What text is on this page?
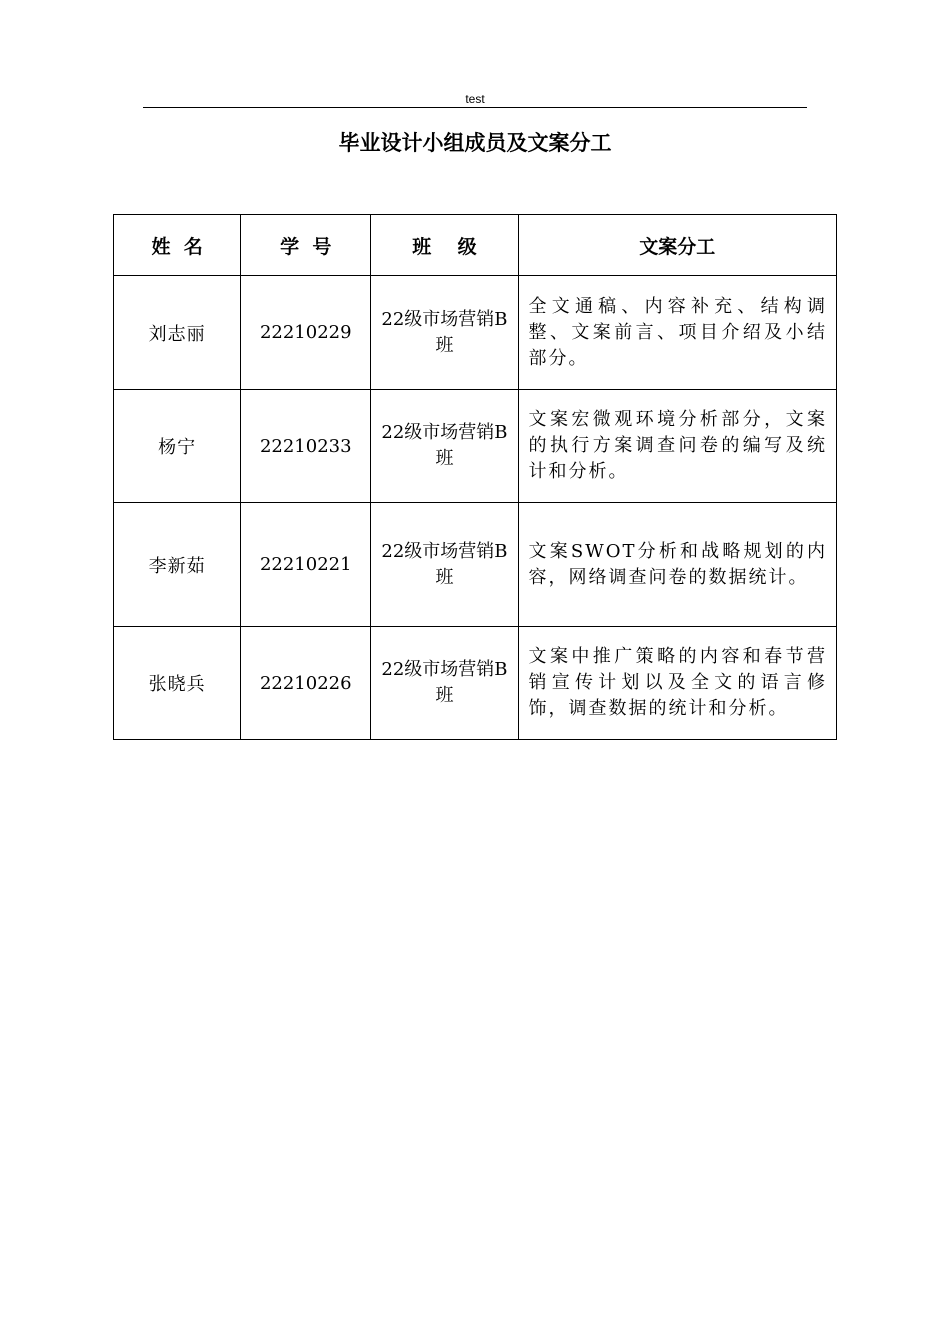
test
毕业设计小组成员及文案分工
姓  名	学  号	班    级	文案分工
刘志丽	22210229	22级市场营销B班	全文通稿、内容补充、结构调整、文案前言、项目介绍及小结部分。
杨宁	22210233	22级市场营销B班	文案宏微观环境分析部分，文案的执行方案调查问卷的编写及统计和分析。
李新茹	22210221	22级市场营销B班	文案SWOT分析和战略规划的内容，网络调查问卷的数据统计。
张晓兵	22210226	22级市场营销B班	文案中推广策略的内容和春节营销宣传计划以及全文的语言修饰，调查数据的统计和分析。
